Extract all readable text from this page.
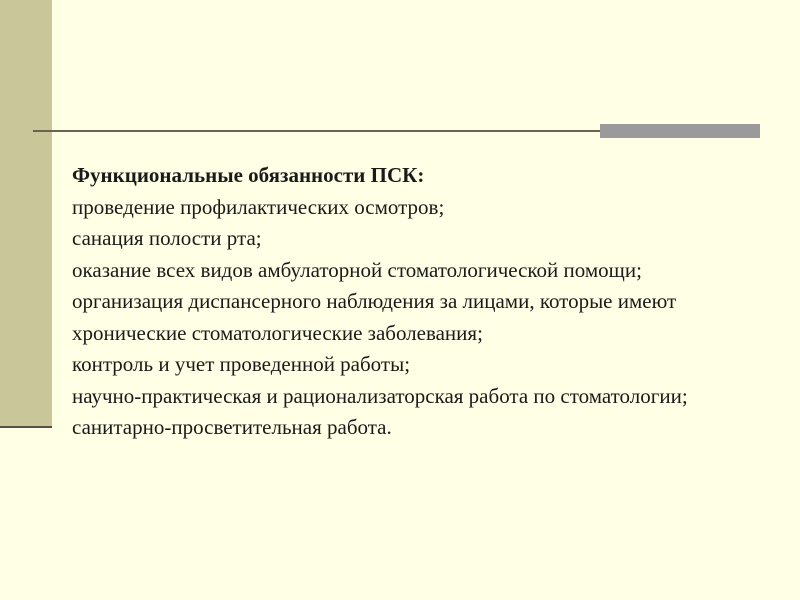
Функциональные обязанности ПСК:
проведение профилактических осмотров;
санация полости рта;
оказание всех видов амбулаторной стоматологической помощи;
организация диспансерного наблюдения за лицами, которые имеют хронические стоматологические заболевания;
контроль и учет проведенной работы;
научно-практическая и рационализаторская работа по стоматологии;
санитарно-просветительная работа.
